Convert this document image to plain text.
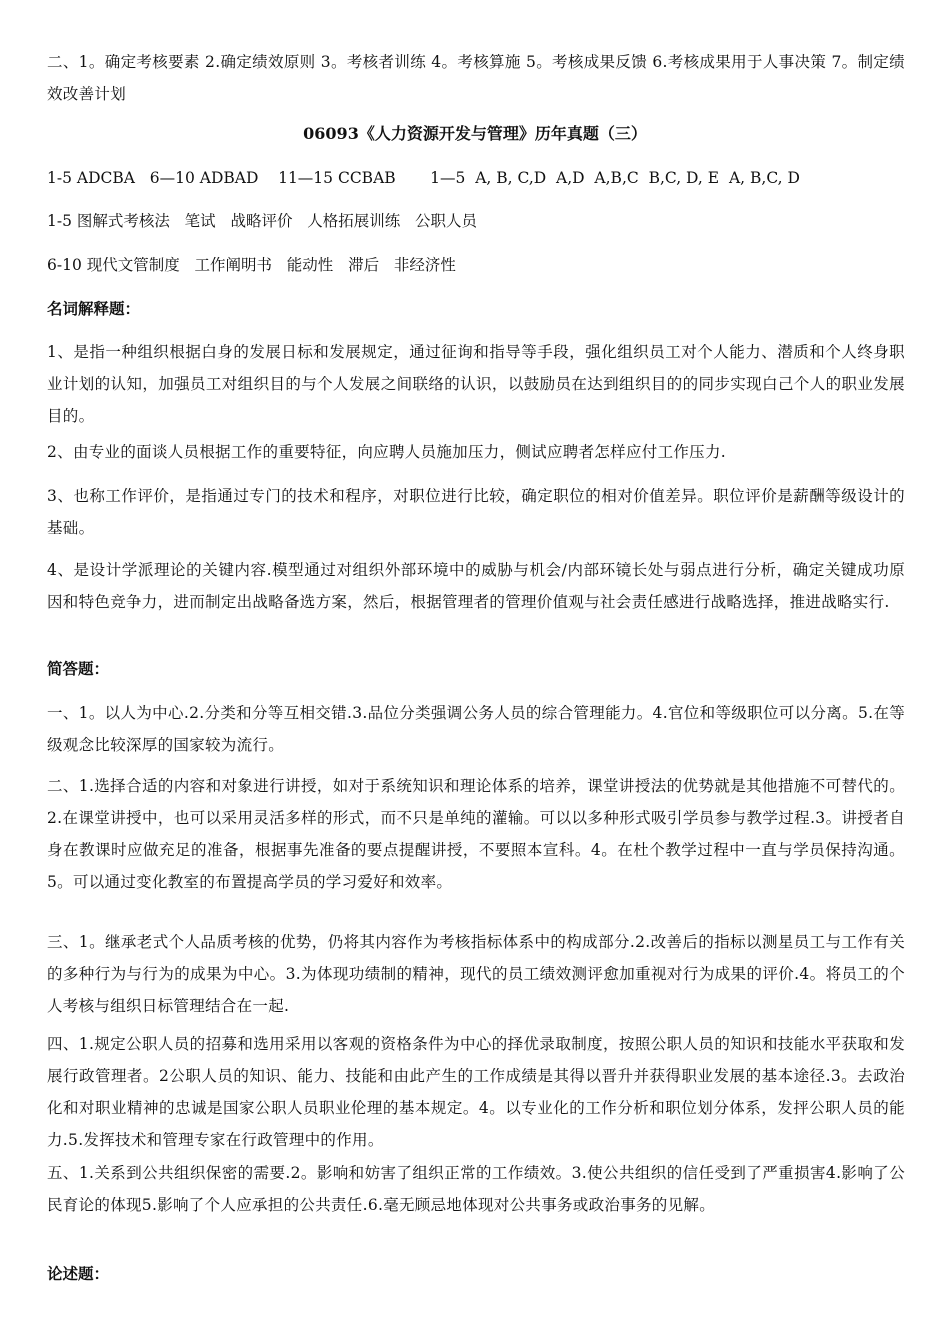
二、1。确定考核要素 2.确定绩效原则 3。考核者训练 4。考核算施 5。考核成果反馈 6.考核成果用于人事决策 7。制定绩效改善计划
06093《人力资源开发与管理》历年真题（三）
1-5 ADCBA   6—10 ADBAD    11—15 CCBAB       1—5  A, B, C,D  A,D  A,B,C  B,C, D, E  A, B,C, D
1-5 图解式考核法   笔试   战略评价   人格拓展训练   公职人员
6-10 现代文管制度   工作阐明书   能动性   滞后   非经济性
名词解释题：
1、是指一种组织根据白身的发展日标和发展规定，通过征询和指导等手段，强化组织员工对个人能力、潜质和个人终身职业计划的认知，加强员工对组织目的与个人发展之间联络的认识，以鼓励员在达到组织目的的同步实现白己个人的职业发展目的。
2、由专业的面谈人员根据工作的重要特征，向应聘人员施加压力，侧试应聘者怎样应付工作压力.
3、也称工作评价，是指通过专门的技术和程序，对职位进行比较，确定职位的相对价值差异。职位评价是薪酬等级设计的基础。
4、是设计学派理论的关键内容.模型通过对组织外部环境中的威胁与机会/内部环镜长处与弱点进行分析，确定关键成功原因和特色竞争力，进而制定出战略备选方案，然后，根据管理者的管理价值观与社会责任感进行战略选择，推进战略实行.
简答题：
一、1。以人为中心.2.分类和分等互相交错.3.品位分类强调公务人员的综合管理能力。4.官位和等级职位可以分离。5.在等级观念比较深厚的国家较为流行。
二、1.选择合适的内容和对象进行讲授，如对于系统知识和理论体系的培养，课堂讲授法的优势就是其他措施不可替代的。2.在课堂讲授中，也可以采用灵活多样的形式，而不只是单纯的灌输。可以以多种形式吸引学员参与教学过程.3。讲授者自身在教课时应做充足的准备，根据事先准备的要点提醒讲授，不要照本宣科。4。在杜个教学过程中一直与学员保持沟通。5。可以通过变化教室的布置提高学员的学习爱好和效率。
三、1。继承老式个人品质考核的优势，仍将其内容作为考核指标体系中的构成部分.2.改善后的指标以测星员工与工作有关的多种行为与行为的成果为中心。3.为体现功绩制的精神，现代的员工绩效测评愈加重视对行为成果的评价.4。将员工的个人考核与组织日标管理结合在一起.
四、1.规定公职人员的招募和选用采用以客观的资格条件为中心的择优录取制度，按照公职人员的知识和技能水平获取和发展行政管理者。2公职人员的知识、能力、技能和由此产生的工作成绩是其得以晋升并获得职业发展的基本途径.3。去政治化和对职业精神的忠诚是国家公职人员职业伦理的基本规定。4。以专业化的工作分析和职位划分体系，发抨公职人员的能力.5.发挥技术和管理专家在行政管理中的作用。
五、1.关系到公共组织保密的需要.2。影响和妨害了组织正常的工作绩效。3.使公共组织的信任受到了严重损害4.影响了公民育论的体现5.影响了个人应承担的公共责任.6.毫无顾忌地体现对公共事务或政治事务的见解。
论述题：
